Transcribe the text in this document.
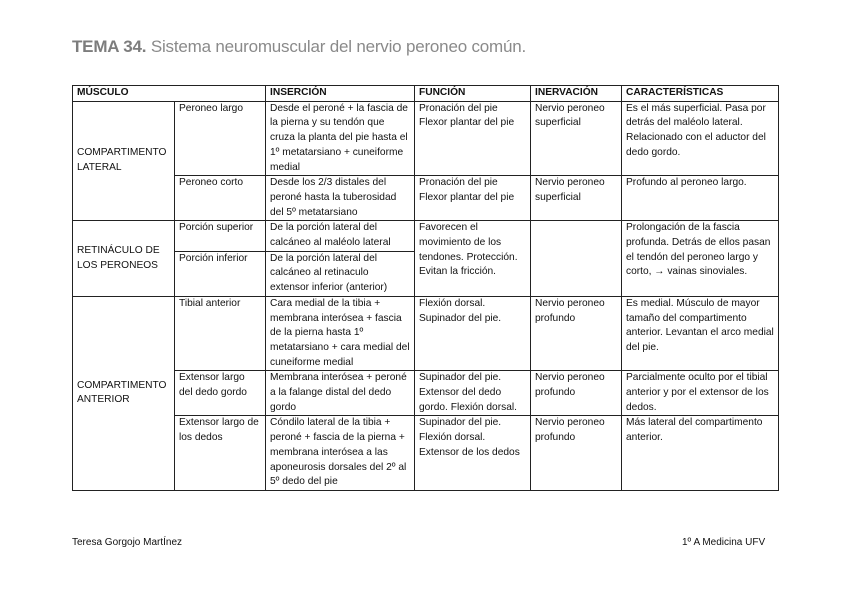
TEMA 34. Sistema neuromuscular del nervio peroneo común.
MÚSCULO		INSERCIÓN	FUNCIÓN	INERVACIÓN	CARACTERÍSTICAS
COMPARTIMENTO LATERAL	Peroneo largo	Desde el peroné + la fascia de la pierna y su tendón que cruza la planta del pie hasta el 1º metatarsiano + cuneiforme medial	Pronación del pie Flexor plantar del pie	Nervio peroneo superficial	Es el más superficial. Pasa por detrás del maléolo lateral. Relacionado con el aductor del dedo gordo.
	Peroneo corto	Desde los 2/3 distales del peroné hasta la tuberosidad del 5º metatarsiano	Pronación del pie Flexor plantar del pie	Nervio peroneo superficial	Profundo al peroneo largo.
RETINÁCULO DE LOS PERONEOS	Porción superior	De la porción lateral del calcáneo al maléolo lateral	Favorecen el movimiento de los tendones. Protección. Evitan la fricción.		Prolongación de la fascia profunda. Detrás de ellos pasan el tendón del peroneo largo y corto, → vainas sinoviales.
	Porción inferior	De la porción lateral del calcáneo al retinaculo extensor inferior (anterior)			
COMPARTIMENTO ANTERIOR	Tibial anterior	Cara medial de la tibia + membrana interósea + fascia de la pierna hasta 1º metatarsiano + cara medial del cuneiforme medial	Flexión dorsal. Supinador del pie.	Nervio peroneo profundo	Es medial. Músculo de mayor tamaño del compartimento anterior. Levantan el arco medial del pie.
	Extensor largo del dedo gordo	Membrana interósea + peroné a la falange distal del dedo gordo	Supinador del pie. Extensor del dedo gordo. Flexión dorsal.	Nervio peroneo profundo	Parcialmente oculto por el tibial anterior y por el extensor de los dedos.
	Extensor largo de los dedos	Cóndilo lateral de la tibia + peroné + fascia de la pierna + membrana interósea a las aponeurosis dorsales del 2º al 5º dedo del pie	Supinador del pie. Flexión dorsal. Extensor de los dedos	Nervio peroneo profundo	Más lateral del compartimento anterior.
Teresa Gorgojo MartÍnez	1º A Medicina UFV
